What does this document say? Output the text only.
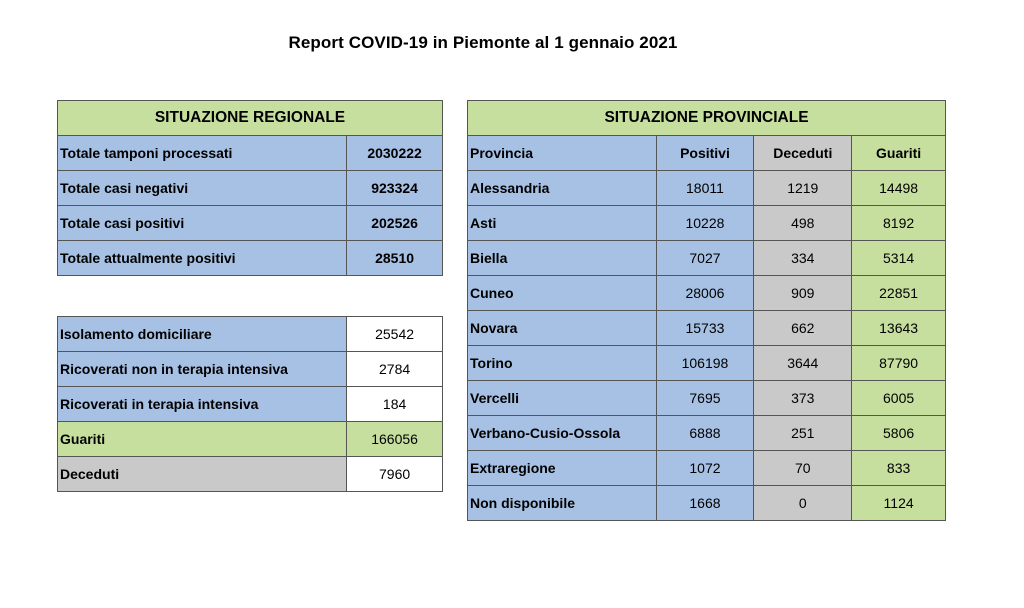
Report COVID-19 in Piemonte al 1 gennaio 2021
SITUAZIONE REGIONALE	
Totale tamponi processati	2030222
Totale casi negativi	923324
Totale casi positivi	202526
Totale attualmente positivi	28510
Isolamento domiciliare	25542
Ricoverati non in terapia intensiva	2784
Ricoverati in terapia intensiva	184
Guariti	166056
Deceduti	7960
SITUAZIONE PROVINCIALE			
Provincia	Positivi	Deceduti	Guariti
Alessandria	18011	1219	14498
Asti	10228	498	8192
Biella	7027	334	5314
Cuneo	28006	909	22851
Novara	15733	662	13643
Torino	106198	3644	87790
Vercelli	7695	373	6005
Verbano-Cusio-Ossola	6888	251	5806
Extraregione	1072	70	833
Non disponibile	1668	0	1124
